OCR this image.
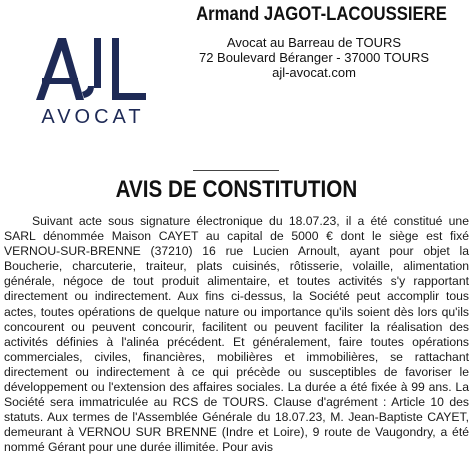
AVOCAT
Armand JAGOT-LACOUSSIERE
Avocat au Barreau de TOURS
72 Boulevard Béranger - 37000 TOURS
ajl-avocat.com
AVIS DE CONSTITUTION
Suivant acte sous signature électronique du 18.07.23, il a été constitué une SARL dénommée Maison CAYET au capital de 5000 € dont le siège est fixé VERNOU-SUR-BRENNE (37210) 16 rue Lucien Arnoult, ayant pour objet la Boucherie, charcuterie, traiteur, plats cuisinés, rôtisserie, volaille, alimentation générale, négoce de tout produit alimentaire, et toutes activités s'y rapportant directement ou indirectement. Aux fins ci-dessus, la Société peut accomplir tous actes, toutes opérations de quelque nature ou importance qu'ils soient dès lors qu'ils concourent ou peuvent concourir, facilitent ou peuvent faciliter la réalisation des activités définies à l'alinéa précédent. Et généralement, faire toutes opérations commerciales, civiles, financières, mobilières et immobilières, se rattachant directement ou indirectement à ce qui précède ou susceptibles de favoriser le développement ou l'extension des affaires sociales. La durée a été fixée à 99 ans. La Société sera immatriculée au RCS de TOURS. Clause d'agrément : Article 10 des statuts. Aux termes de l'Assemblée Générale du 18.07.23, M. Jean-Baptiste CAYET, demeurant à VERNOU SUR BRENNE (Indre et Loire), 9 route de Vaugondry, a été nommé Gérant pour une durée illimitée. Pour avis
